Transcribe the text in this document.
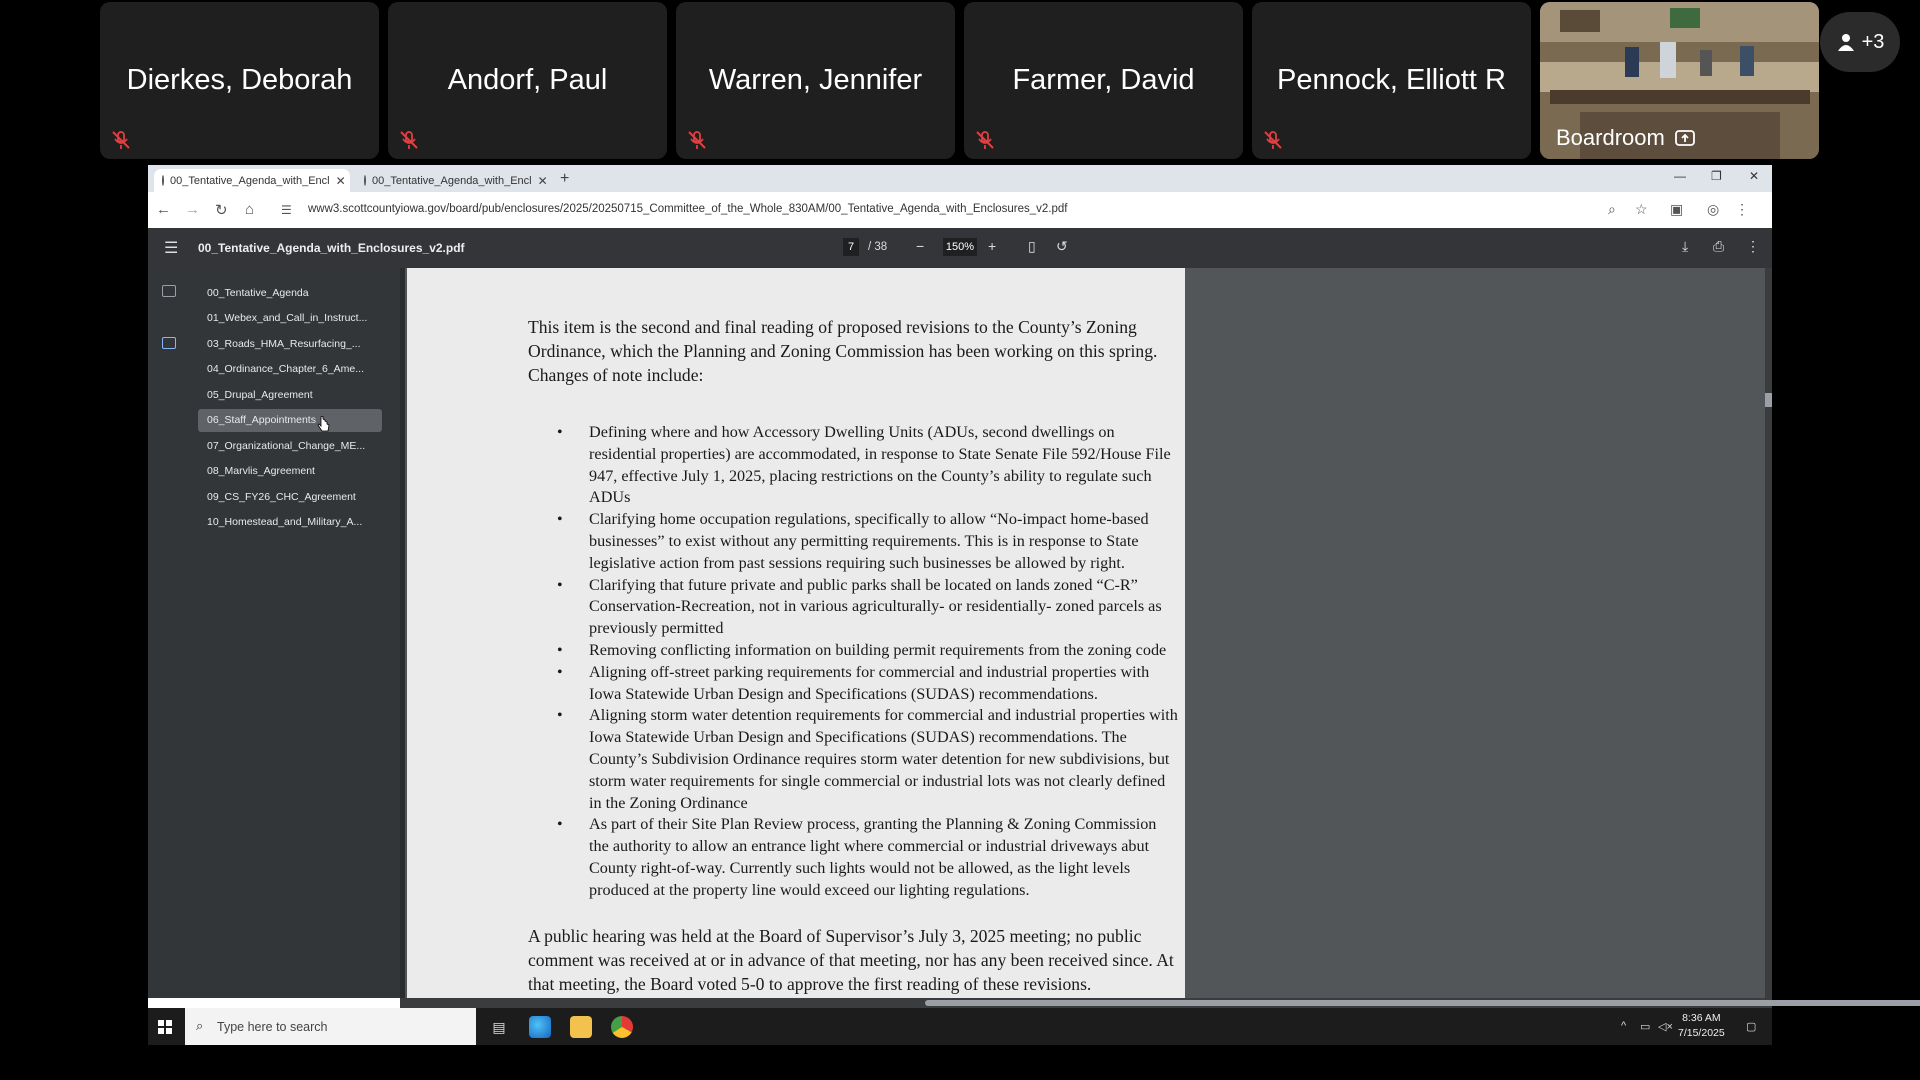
Dierkes, Deborah	Andorf, Paul	Warren, Jennifer	Farmer, David	Pennock, Elliott R
Boardroom
+3
00_Tentative_Agenda_with_Encl ✕ 00_Tentative_Agenda_with_Encl ✕ +	— ❐ ✕
← → ↻ ⌂ ☰ www3.scottcountyiowa.gov/board/pub/enclosures/2025/20250715_Committee_of_the_Whole_830AM/00_Tentative_Agenda_with_Enclosures_v2.pdf	⌕ ☆ ▣ ◎ ⋮
☰ 00_Tentative_Agenda_with_Enclosures_v2.pdf	7	/ 38 − 150% + ▯ ↺	⤓ ⎙ ⋮
00_Tentative_Agenda
01_Webex_and_Call_in_Instruct...
03_Roads_HMA_Resurfacing_...
04_Ordinance_Chapter_6_Ame...
05_Drupal_Agreement
06_Staff_Appointments
07_Organizational_Change_ME...
08_Marvlis_Agreement
09_CS_FY26_CHC_Agreement
10_Homestead_and_Military_A...
This item is the second and final reading of proposed revisions to the County’s Zoning Ordinance, which the Planning and Zoning Commission has been working on this spring. Changes of note include:
• Defining where and how Accessory Dwelling Units (ADUs, second dwellings on residential properties) are accommodated, in response to State Senate File 592/House File 947, effective July 1, 2025, placing restrictions on the County’s ability to regulate such ADUs
• Clarifying home occupation regulations, specifically to allow “No-impact home-based businesses” to exist without any permitting requirements. This is in response to State legislative action from past sessions requiring such businesses be allowed by right.
• Clarifying that future private and public parks shall be located on lands zoned “C-R” Conservation-Recreation, not in various agriculturally- or residentially- zoned parcels as previously permitted
• Removing conflicting information on building permit requirements from the zoning code
• Aligning off-street parking requirements for commercial and industrial properties with Iowa Statewide Urban Design and Specifications (SUDAS) recommendations.
• Aligning storm water detention requirements for commercial and industrial properties with Iowa Statewide Urban Design and Specifications (SUDAS) recommendations. The County’s Subdivision Ordinance requires storm water detention for new subdivisions, but storm water requirements for single commercial or industrial lots was not clearly defined in the Zoning Ordinance
• As part of their Site Plan Review process, granting the Planning & Zoning Commission the authority to allow an entrance light where commercial or industrial driveways abut County right-of-way. Currently such lights would not be allowed, as the light levels produced at the property line would exceed our lighting regulations.
A public hearing was held at the Board of Supervisor’s July 3, 2025 meeting; no public comment was received at or in advance of that meeting, nor has any been received since. At that meeting, the Board voted 5-0 to approve the first reading of these revisions.
⌕ Type here to search	▤	^ ▭ ◁×
8:36 AM
7/15/2025 ▢
